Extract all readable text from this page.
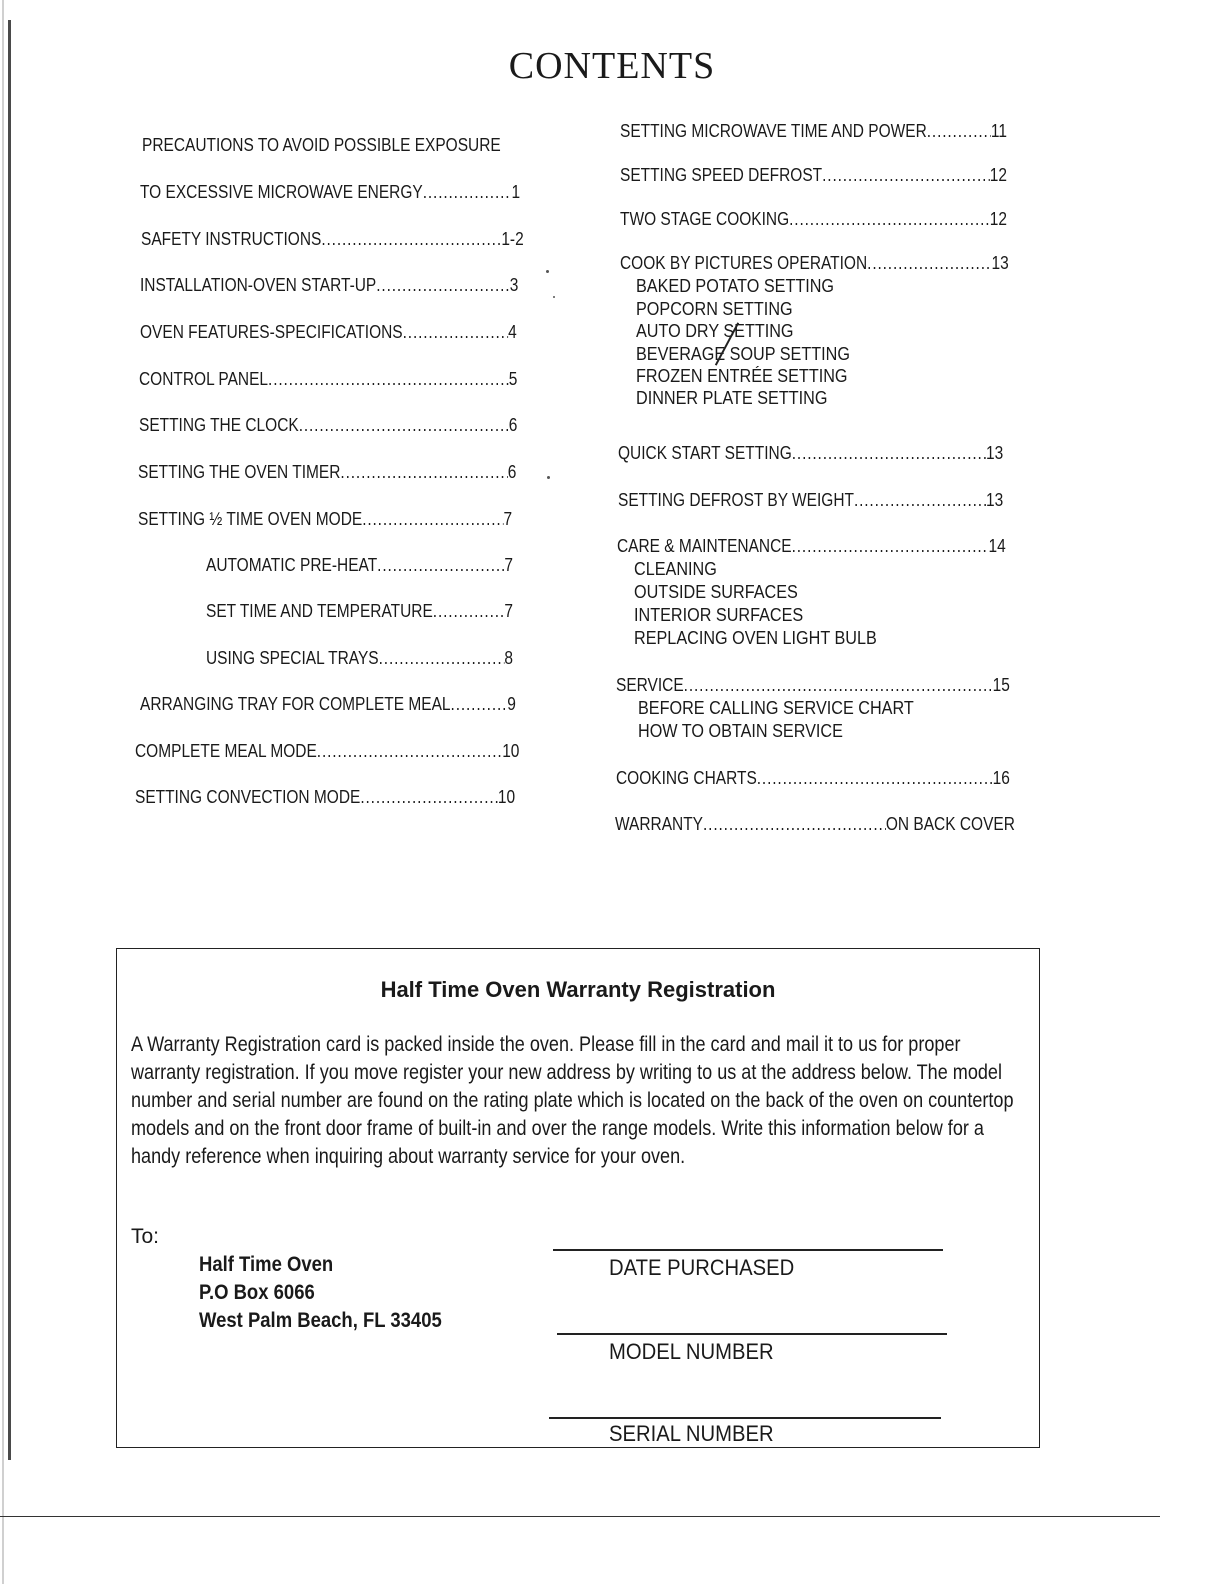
CONTENTS
PRECAUTIONS TO AVOID POSSIBLE EXPOSURE
TO EXCESSIVE MICROWAVE ENERGY .....	1
SAFETY INSTRUCTIONS .....	1-2
INSTALLATION-OVEN START-UP .....	3
OVEN FEATURES-SPECIFICATIONS .....	4
CONTROL PANEL .....	5
SETTING THE CLOCK .....	6
SETTING THE OVEN TIMER .....	6
SETTING ½ TIME OVEN MODE .....	7
AUTOMATIC PRE-HEAT .....	7
SET TIME AND TEMPERATURE .....	7
USING SPECIAL TRAYS .....	8
ARRANGING TRAY FOR COMPLETE MEAL .....	9
COMPLETE MEAL MODE .....	10
SETTING CONVECTION MODE .....	10
SETTING MICROWAVE TIME AND POWER .....	11
SETTING SPEED DEFROST .....	12
TWO STAGE COOKING .....	12
COOK BY PICTURES OPERATION .....	13
BAKED POTATO SETTING
POPCORN SETTING
AUTO DRY SETTING
BEVERAGE SOUP SETTING
FROZEN ENTRÉE SETTING
DINNER PLATE SETTING
QUICK START SETTING .....	13
SETTING DEFROST BY WEIGHT .....	13
CARE & MAINTENANCE .....	14
CLEANING
OUTSIDE SURFACES
INTERIOR SURFACES
REPLACING OVEN LIGHT BULB
SERVICE .....	15
BEFORE CALLING SERVICE CHART
HOW TO OBTAIN SERVICE
COOKING CHARTS .....	16
WARRANTY .....	ON BACK COVER
Half Time Oven Warranty Registration

A Warranty Registration card is packed inside the oven. Please fill in the card and mail it to us for proper warranty registration. If you move register your new address by writing to us at the address below. The model number and serial number are found on the rating plate which is located on the back of the oven on countertop models and on the front door frame of built-in and over the range models. Write this information below for a handy reference when inquiring about warranty service for your oven.

To:
Half Time Oven
P.O Box 6066
West Palm Beach, FL 33405
DATE PURCHASED
MODEL NUMBER
SERIAL NUMBER
